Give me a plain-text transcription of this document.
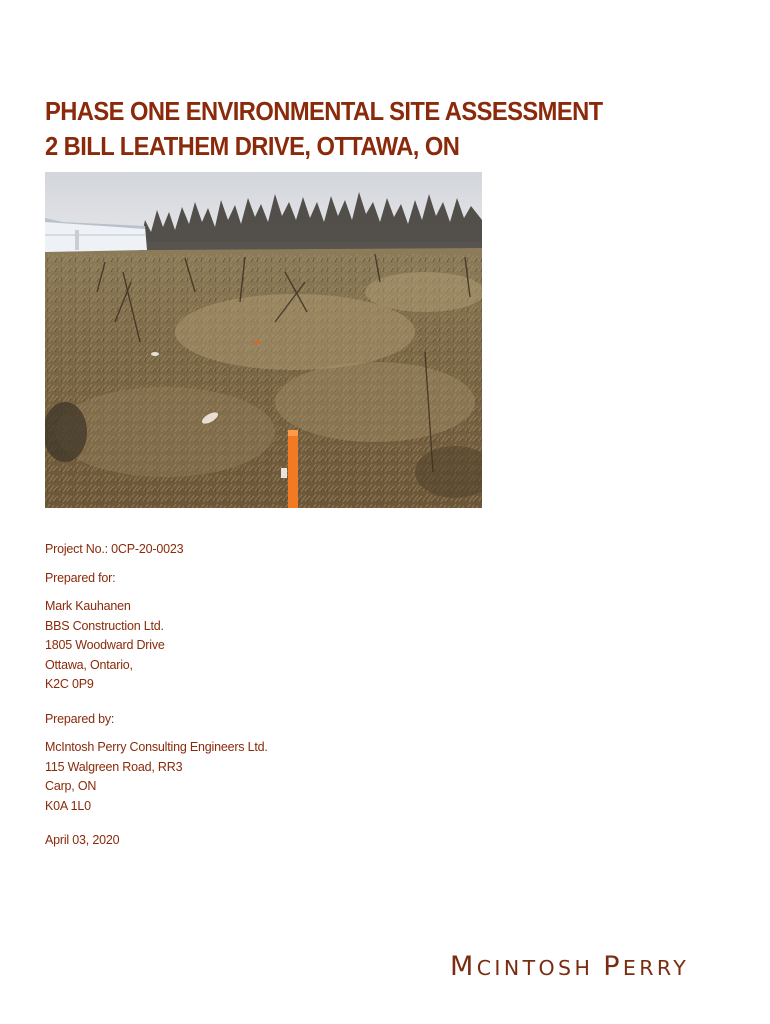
PHASE ONE ENVIRONMENTAL SITE ASSESSMENT
2 BILL LEATHEM DRIVE, OTTAWA, ON
Project No.: 0CP-20-0023
Prepared for:
Mark Kauhanen
BBS Construction Ltd.
1805 Woodward Drive
Ottawa, Ontario,
K2C 0P9
Prepared by:
McIntosh Perry Consulting Engineers Ltd.
115 Walgreen Road, RR3
Carp, ON
K0A 1L0
April 03, 2020
MCINTOSH PERRY
